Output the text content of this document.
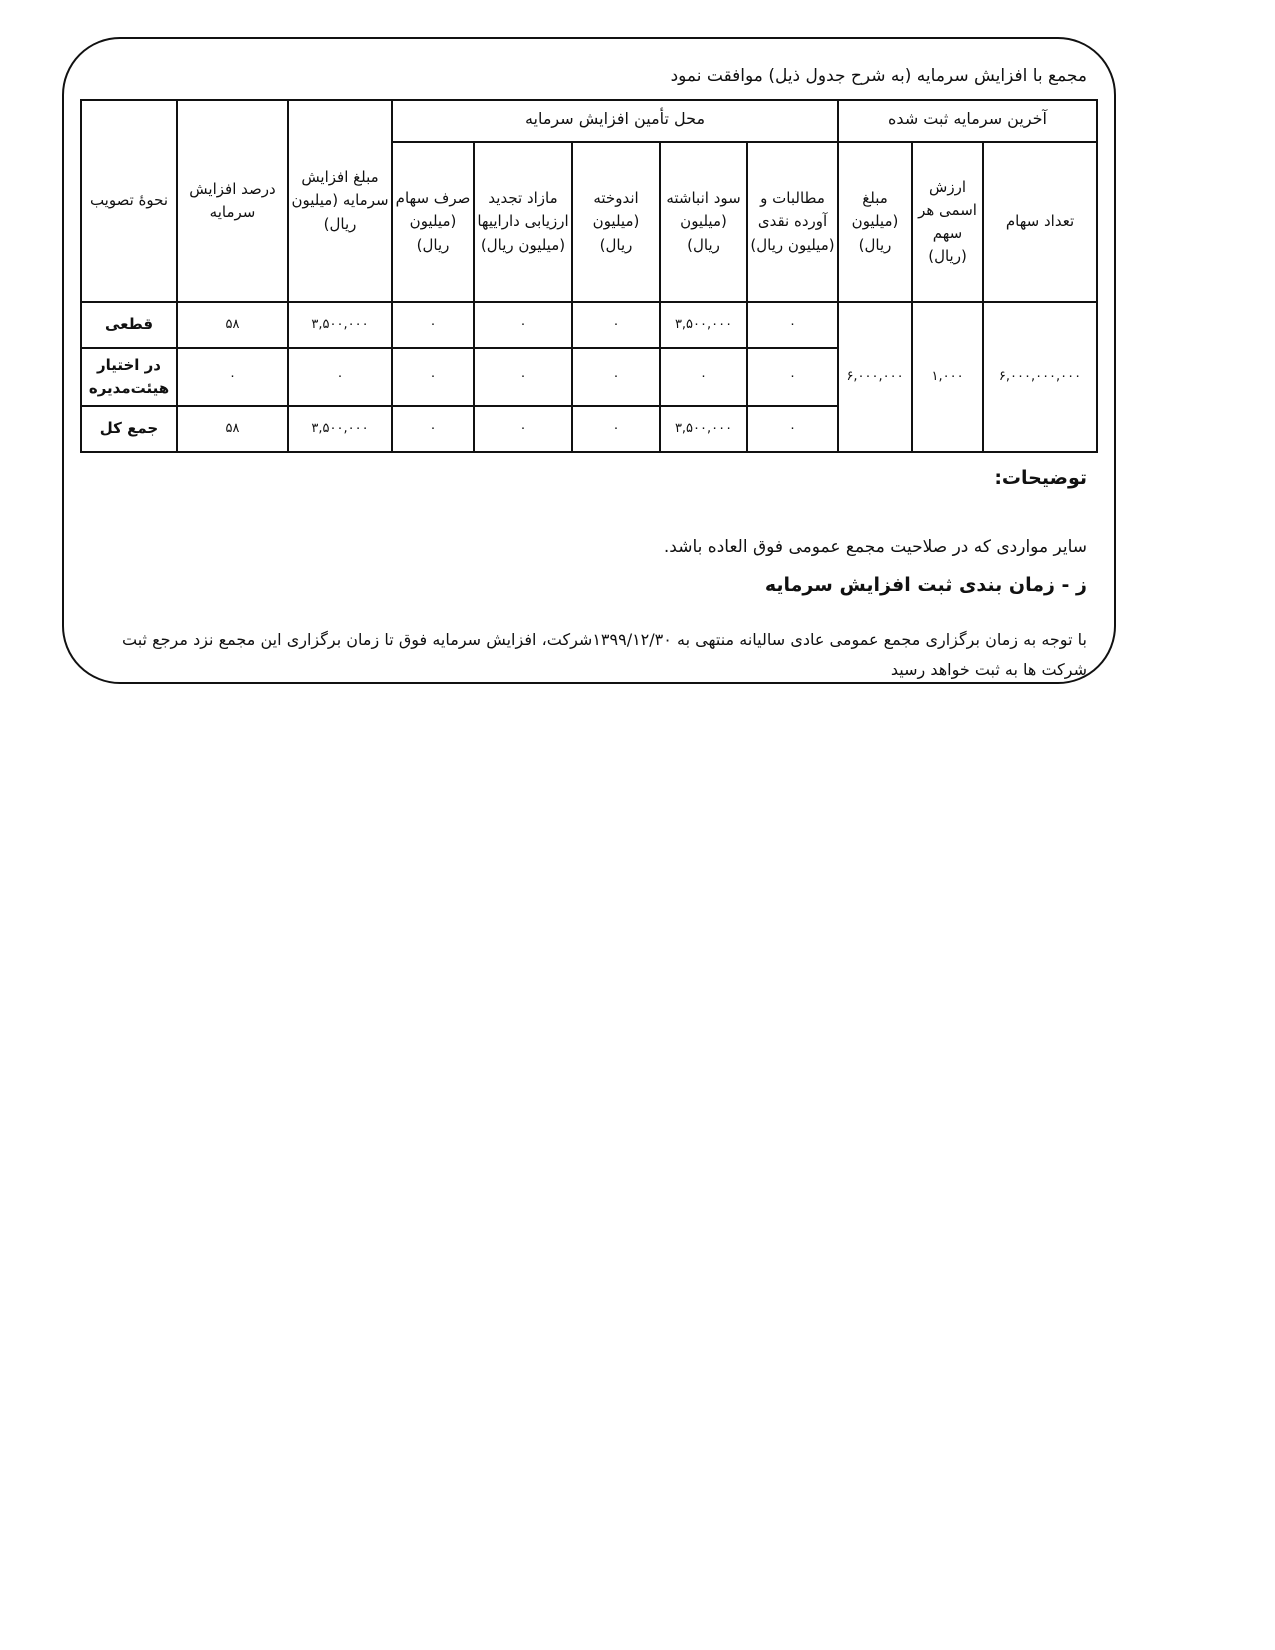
مجمع با افزایش سرمایه (به شرح جدول ذیل) موافقت نمود
آخرین سرمایه ثبت شده			محل تأمین افزایش سرمایه					مبلغ افزایش سرمایه (میلیون ریال)	درصد افزایش سرمایه	نحوهٔ تصویب
تعداد سهام	ارزش اسمی هر سهم (ریال)	مبلغ (میلیون ریال)	مطالبات و آورده نقدی (میلیون ریال)	سود انباشته (میلیون ریال)	اندوخته (میلیون ریال)	مازاد تجدید ارزیابی داراییها (میلیون ریال)	صرف سهام (میلیون ریال)			
۶,۰۰۰,۰۰۰,۰۰۰	۱,۰۰۰	۶,۰۰۰,۰۰۰	۰	۳,۵۰۰,۰۰۰	۰	۰	۰	۳,۵۰۰,۰۰۰	۵۸	قطعی
			۰	۰	۰	۰	۰	۰	۰	در اختیار هیئت‌مدیره
			۰	۳,۵۰۰,۰۰۰	۰	۰	۰	۳,۵۰۰,۰۰۰	۵۸	جمع کل
توضیحات:
سایر مواردی که در صلاحیت مجمع عمومی فوق العاده باشد.
ز - زمان بندی ثبت افزایش سرمایه
با توجه به زمان برگزاری مجمع عمومی عادی سالیانه منتهی به ۱۳۹۹/۱۲/۳۰شرکت، افزایش سرمایه فوق تا زمان برگزاری این مجمع نزد مرجع ثبت شرکت ها به ثبت خواهد رسید
